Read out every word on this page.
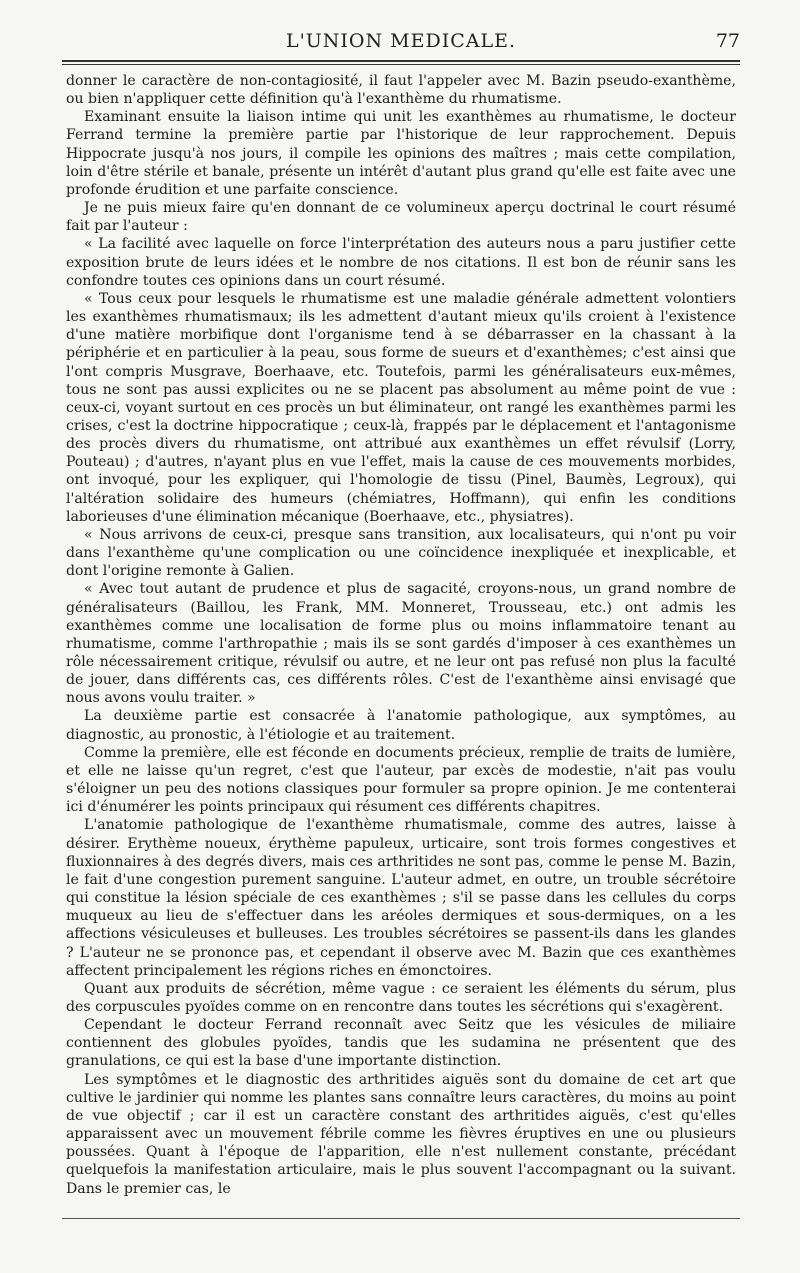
L'UNION MEDICALE.	77

donner le caractère de non-contagiosité, il faut l'appeler avec M. Bazin pseudo-exanthème, ou bien n'appliquer cette définition qu'à l'exanthème du rhumatisme.

Examinant ensuite la liaison intime qui unit les exanthèmes au rhumatisme, le docteur Ferrand termine la première partie par l'historique de leur rapprochement. Depuis Hippocrate jusqu'à nos jours, il compile les opinions des maîtres ; mais cette compilation, loin d'être stérile et banale, présente un intérêt d'autant plus grand qu'elle est faite avec une profonde érudition et une parfaite conscience.

Je ne puis mieux faire qu'en donnant de ce volumineux aperçu doctrinal le court résumé fait par l'auteur :

« La facilité avec laquelle on force l'interprétation des auteurs nous a paru justifier cette exposition brute de leurs idées et le nombre de nos citations. Il est bon de réunir sans les confondre toutes ces opinions dans un court résumé.

« Tous ceux pour lesquels le rhumatisme est une maladie générale admettent volontiers les exanthèmes rhumatismaux; ils les admettent d'autant mieux qu'ils croient à l'existence d'une matière morbifique dont l'organisme tend à se débarrasser en la chassant à la périphérie et en particulier à la peau, sous forme de sueurs et d'exanthèmes; c'est ainsi que l'ont compris Musgrave, Boerhaave, etc. Toutefois, parmi les généralisateurs eux-mêmes, tous ne sont pas aussi explicites ou ne se placent pas absolument au même point de vue : ceux-ci, voyant surtout en ces procès un but éliminateur, ont rangé les exanthèmes parmi les crises, c'est la doctrine hippocratique ; ceux-là, frappés par le déplacement et l'antagonisme des procès divers du rhumatisme, ont attribué aux exanthèmes un effet révulsif (Lorry, Pouteau) ; d'autres, n'ayant plus en vue l'effet, mais la cause de ces mouvements morbides, ont invoqué, pour les expliquer, qui l'homologie de tissu (Pinel, Baumès, Legroux), qui l'altération solidaire des humeurs (chémiatres, Hoffmann), qui enfin les conditions laborieuses d'une élimination mécanique (Boerhaave, etc., physiatres).

« Nous arrivons de ceux-ci, presque sans transition, aux localisateurs, qui n'ont pu voir dans l'exanthème qu'une complication ou une coïncidence inexpliquée et inexplicable, et dont l'origine remonte à Galien.

« Avec tout autant de prudence et plus de sagacité, croyons-nous, un grand nombre de généralisateurs (Baillou, les Frank, MM. Monneret, Trousseau, etc.) ont admis les exanthèmes comme une localisation de forme plus ou moins inflammatoire tenant au rhumatisme, comme l'arthropathie ; mais ils se sont gardés d'imposer à ces exanthèmes un rôle nécessairement critique, révulsif ou autre, et ne leur ont pas refusé non plus la faculté de jouer, dans différents cas, ces différents rôles. C'est de l'exanthème ainsi envisagé que nous avons voulu traiter. »

La deuxième partie est consacrée à l'anatomie pathologique, aux symptômes, au diagnostic, au pronostic, à l'étiologie et au traitement.

Comme la première, elle est féconde en documents précieux, remplie de traits de lumière, et elle ne laisse qu'un regret, c'est que l'auteur, par excès de modestie, n'ait pas voulu s'éloigner un peu des notions classiques pour formuler sa propre opinion. Je me contenterai ici d'énumérer les points principaux qui résument ces différents chapitres.

L'anatomie pathologique de l'exanthème rhumatismale, comme des autres, laisse à désirer. Erythème noueux, érythème papuleux, urticaire, sont trois formes congestives et fluxionnaires à des degrés divers, mais ces arthritides ne sont pas, comme le pense M. Bazin, le fait d'une congestion purement sanguine. L'auteur admet, en outre, un trouble sécrétoire qui constitue la lésion spéciale de ces exanthèmes ; s'il se passe dans les cellules du corps muqueux au lieu de s'effectuer dans les aréoles dermiques et sous-dermiques, on a les affections vésiculeuses et bulleuses. Les troubles sécrétoires se passent-ils dans les glandes ? L'auteur ne se prononce pas, et cependant il observe avec M. Bazin que ces exanthèmes affectent principalement les régions riches en émonctoires.

Quant aux produits de sécrétion, même vague : ce seraient les éléments du sérum, plus des corpuscules pyoïdes comme on en rencontre dans toutes les sécrétions qui s'exagèrent.

Cependant le docteur Ferrand reconnaît avec Seitz que les vésicules de miliaire contiennent des globules pyoïdes, tandis que les sudamina ne présentent que des granulations, ce qui est la base d'une importante distinction.

Les symptômes et le diagnostic des arthritides aiguës sont du domaine de cet art que cultive le jardinier qui nomme les plantes sans connaître leurs caractères, du moins au point de vue objectif ; car il est un caractère constant des arthritides aiguës, c'est qu'elles apparaissent avec un mouvement fébrile comme les fièvres éruptives en une ou plusieurs poussées. Quant à l'époque de l'apparition, elle n'est nullement constante, précédant quelquefois la manifestation articulaire, mais le plus souvent l'accompagnant ou la suivant. Dans le premier cas, le
